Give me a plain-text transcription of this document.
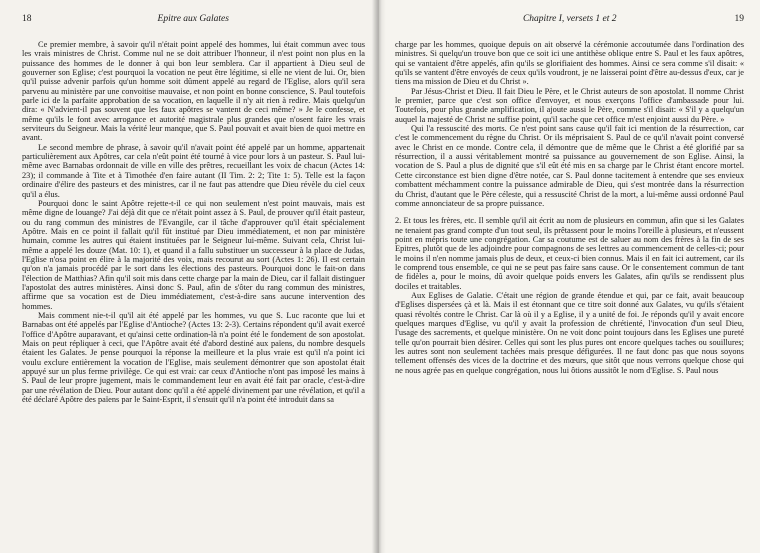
18	Epitre aux Galates

Ce premier membre, à savoir qu'il n'était point appelé des hommes, lui était commun avec tous les vrais ministres de Christ. Comme nul ne se doit attribuer l'honneur, il n'est point non plus en la puissance des hommes de le donner à qui bon leur semblera. Car il appartient à Dieu seul de gouverner son Eglise; c'est pourquoi la vocation ne peut être légitime, si elle ne vient de lui. Or, bien qu'il puisse advenir parfois qu'un homme soit dûment appelé au regard de l'Eglise, alors qu'il sera parvenu au ministère par une convoitise mauvaise, et non point en bonne conscience, S. Paul toutefois parle ici de la parfaite approbation de sa vocation, en laquelle il n'y ait rien à redire. Mais quelqu'un dira: « N'advient-il pas souvent que les faux apôtres se vantent de ceci même? » Je le confesse, et même qu'ils le font avec arrogance et autorité magistrale plus grandes que n'osent faire les vrais serviteurs du Seigneur. Mais la vérité leur manque, que S. Paul pouvait et avait bien de quoi mettre en avant.

Le second membre de phrase, à savoir qu'il n'avait point été appelé par un homme, appartenait particulièrement aux Apôtres, car cela n'eût point été tourné à vice pour lors à un pasteur. S. Paul lui-même avec Barnabas ordonnait de ville en ville des prêtres, recueillant les voix de chacun (Actes 14: 23); il commande à Tite et à Timothée d'en faire autant (II Tim. 2: 2; Tite 1: 5). Telle est la façon ordinaire d'élire des pasteurs et des ministres, car il ne faut pas attendre que Dieu révèle du ciel ceux qu'il a élus.

Pourquoi donc le saint Apôtre rejette-t-il ce qui non seulement n'est point mauvais, mais est même digne de louange? J'ai déjà dit que ce n'était point assez à S. Paul, de prouver qu'il était pasteur, ou du rang commun des ministres de l'Evangile, car il tâche d'approuver qu'il était spécialement Apôtre. Mais en ce point il fallait qu'il fût institué par Dieu immédiatement, et non par ministère humain, comme les autres qui étaient instituées par le Seigneur lui-même. Suivant cela, Christ lui-même a appelé les douze (Mat. 10: 1), et quand il a fallu substituer un successeur à la place de Judas, l'Eglise n'osa point en élire à la majorité des voix, mais recourut au sort (Actes 1: 26). Il est certain qu'on n'a jamais procédé par le sort dans les élections des pasteurs. Pourquoi donc le fait-on dans l'élection de Matthias? Afin qu'il soit mis dans cette charge par la main de Dieu, car il fallait distinguer l'apostolat des autres ministères. Ainsi donc S. Paul, afin de s'ôter du rang commun des ministres, affirme que sa vocation est de Dieu immédiatement, c'est-à-dire sans aucune intervention des hommes.

Mais comment nie-t-il qu'il ait été appelé par les hommes, vu que S. Luc raconte que lui et Barnabas ont été appelés par l'Eglise d'Antioche? (Actes 13: 2-3). Certains répondent qu'il avait exercé l'office d'Apôtre auparavant, et qu'ainsi cette ordination-là n'a point été le fondement de son apostolat. Mais on peut répliquer à ceci, que l'Apôtre avait été d'abord destiné aux païens, du nombre desquels étaient les Galates. Je pense pourquoi la réponse la meilleure et la plus vraie est qu'il n'a point ici voulu exclure entièrement la vocation de l'Eglise, mais seulement démontrer que son apostolat était appuyé sur un plus ferme privilège. Ce qui est vrai: car ceux d'Antioche n'ont pas imposé les mains à S. Paul de leur propre jugement, mais le commandement leur en avait été fait par oracle, c'est-à-dire par une révélation de Dieu. Pour autant donc qu'il a été appelé divinement par une révélation, et qu'il a été déclaré Apôtre des païens par le Saint-Esprit, il s'ensuit qu'il n'a point été introduit dans sa

Chapitre I, versets 1 et 2	19

charge par les hommes, quoique depuis on ait observé la cérémonie accoutumée dans l'ordination des ministres. Si quelqu'un trouve bon que ce soit ici une antithèse oblique entre S. Paul et les faux apôtres, qui se vantaient d'être appelés, afin qu'ils se glorifiaient des hommes. Ainsi ce sera comme s'il disait: « qu'ils se vantent d'être envoyés de ceux qu'ils voudront, je ne laisserai point d'être au-dessus d'eux, car je tiens ma mission de Dieu et du Christ ».

Par Jésus-Christ et Dieu. Il fait Dieu le Père, et le Christ auteurs de son apostolat. Il nomme Christ le premier, parce que c'est son office d'envoyer, et nous exerçons l'office d'ambassade pour lui. Toutefois, pour plus grande amplification, il ajoute aussi le Père, comme s'il disait: « S'il y a quelqu'un auquel la majesté de Christ ne suffise point, qu'il sache que cet office m'est enjoint aussi du Père. »

Qui l'a ressuscité des morts. Ce n'est point sans cause qu'il fait ici mention de la résurrection, car c'est le commencement du règne du Christ. Or ils méprisaient S. Paul de ce qu'il n'avait point conversé avec le Christ en ce monde. Contre cela, il démontre que de même que le Christ a été glorifié par sa résurrection, il a aussi véritablement montré sa puissance au gouvernement de son Eglise. Ainsi, la vocation de S. Paul a plus de dignité que s'il eût été mis en sa charge par le Christ étant encore mortel. Cette circonstance est bien digne d'être notée, car S. Paul donne tacitement à entendre que ses envieux combattent méchamment contre la puissance admirable de Dieu, qui s'est montrée dans la résurrection du Christ, d'autant que le Père céleste, qui a ressuscité Christ de la mort, a lui-même aussi ordonné Paul comme annonciateur de sa propre puissance.

2. Et tous les frères, etc. Il semble qu'il ait écrit au nom de plusieurs en commun, afin que si les Galates ne tenaient pas grand compte d'un tout seul, ils prêtassent pour le moins l'oreille à plusieurs, et n'eussent point en mépris toute une congrégation. Car sa coutume est de saluer au nom des frères à la fin de ses Epitres, plutôt que de les adjoindre pour compagnons de ses lettres au commencement de celles-ci; pour le moins il n'en nomme jamais plus de deux, et ceux-ci bien connus. Mais il en fait ici autrement, car ils le comprend tous ensemble, ce qui ne se peut pas faire sans cause. Or le consentement commun de tant de fidèles a, pour le moins, dû avoir quelque poids envers les Galates, afin qu'ils se rendissent plus dociles et traitables.

Aux Eglises de Galatie. C'était une région de grande étendue et qui, par ce fait, avait beaucoup d'Eglises dispersées çà et là. Mais il est étonnant que ce titre soit donné aux Galates, vu qu'ils s'étaient quasi révoltés contre le Christ. Car là où il y a Eglise, il y a unité de foi. Je réponds qu'il y avait encore quelques marques d'Eglise, vu qu'il y avait la profession de chrétienté, l'invocation d'un seul Dieu, l'usage des sacrements, et quelque ministère. On ne voit donc point toujours dans les Eglises une pureté telle qu'on pourrait bien désirer. Celles qui sont les plus pures ont encore quelques taches ou souillures; les autres sont non seulement tachées mais presque défigurées. Il ne faut donc pas que nous soyons tellement offensés des vices de la doctrine et des mœurs, que sitôt que nous verrons quelque chose qui ne nous agrée pas en quelque congrégation, nous lui ôtions aussitôt le nom d'Eglise. S. Paul nous
